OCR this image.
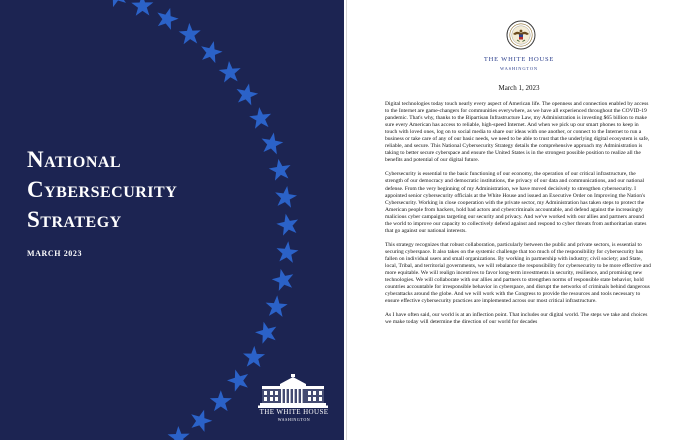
National
Cybersecurity
Strategy
MARCH 2023
THE WHITE HOUSE
WASHINGTON
THE WHITE HOUSE
WASHINGTON
March 1, 2023

Digital technologies today touch nearly every aspect of American life. The openness and connection enabled by access to the Internet are game-changers for communities everywhere, as we have all experienced throughout the COVID-19 pandemic. That's why, thanks to the Bipartisan Infrastructure Law, my Administration is investing $65 billion to make sure every American has access to reliable, high-speed Internet. And when we pick up our smart phones to keep in touch with loved ones, log on to social media to share our ideas with one another, or connect to the Internet to run a business or take care of any of our basic needs, we need to be able to trust that the underlying digital ecosystem is safe, reliable, and secure. This National Cybersecurity Strategy details the comprehensive approach my Administration is taking to better secure cyberspace and ensure the United States is in the strongest possible position to realize all the benefits and potential of our digital future.

Cybersecurity is essential to the basic functioning of our economy, the operation of our critical infrastructure, the strength of our democracy and democratic institutions, the privacy of our data and communications, and our national defense. From the very beginning of my Administration, we have moved decisively to strengthen cybersecurity. I appointed senior cybersecurity officials at the White House and issued an Executive Order on Improving the Nation's Cybersecurity. Working in close cooperation with the private sector, my Administration has taken steps to protect the American people from hackers, hold bad actors and cybercriminals accountable, and defend against the increasingly malicious cyber campaigns targeting our security and privacy. And we've worked with our allies and partners around the world to improve our capacity to collectively defend against and respond to cyber threats from authoritarian states that go against our national interests.

This strategy recognizes that robust collaboration, particularly between the public and private sectors, is essential to securing cyberspace. It also takes on the systemic challenge that too much of the responsibility for cybersecurity has fallen on individual users and small organizations. By working in partnership with industry; civil society; and State, local, Tribal, and territorial governments, we will rebalance the responsibility for cybersecurity to be more effective and more equitable. We will realign incentives to favor long-term investments in security, resilience, and promising new technologies. We will collaborate with our allies and partners to strengthen norms of responsible state behavior, hold countries accountable for irresponsible behavior in cyberspace, and disrupt the networks of criminals behind dangerous cyberattacks around the globe. And we will work with the Congress to provide the resources and tools necessary to ensure effective cybersecurity practices are implemented across our most critical infrastructure.

As I have often said, our world is at an inflection point. That includes our digital world. The steps we take and choices we make today will determine the direction of our world for decades
